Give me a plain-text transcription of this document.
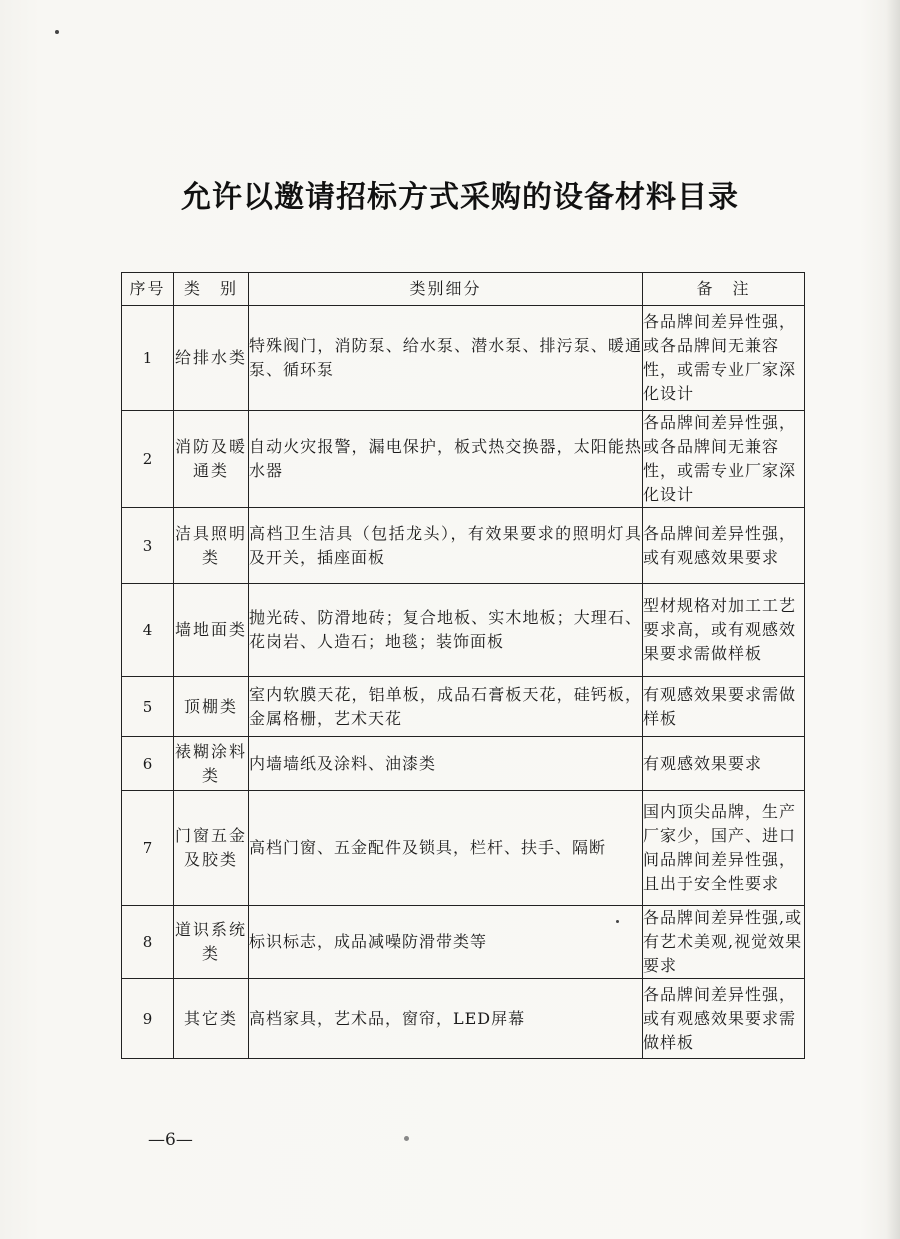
允许以邀请招标方式采购的设备材料目录
序号	类　别	类别细分	备　注
1	给排水类	特殊阀门，消防泵、给水泵、潜水泵、排污泵、暖通泵、循环泵	各品牌间差异性强，或各品牌间无兼容性，或需专业厂家深化设计
2	消防及暖通类	自动火灾报警，漏电保护，板式热交换器，太阳能热水器	各品牌间差异性强，或各品牌间无兼容性，或需专业厂家深化设计
3	洁具照明类	高档卫生洁具（包括龙头），有效果要求的照明灯具及开关，插座面板	各品牌间差异性强，或有观感效果要求
4	墙地面类	抛光砖、防滑地砖；复合地板、实木地板；大理石、花岗岩、人造石；地毯；装饰面板	型材规格对加工工艺要求高，或有观感效果要求需做样板
5	顶棚类	室内软膜天花，铝单板，成品石膏板天花，硅钙板，金属格栅，艺术天花	有观感效果要求需做样板
6	裱糊涂料类	内墙墙纸及涂料、油漆类	有观感效果要求
7	门窗五金及胶类	高档门窗、五金配件及锁具，栏杆、扶手、隔断	国内顶尖品牌，生产厂家少，国产、进口间品牌间差异性强，且出于安全性要求
8	道识系统类	标识标志，成品减噪防滑带类等	各品牌间差异性强,或有艺术美观,视觉效果要求
9	其它类	高档家具，艺术品，窗帘，LED屏幕	各品牌间差异性强，或有观感效果要求需做样板
—6—
